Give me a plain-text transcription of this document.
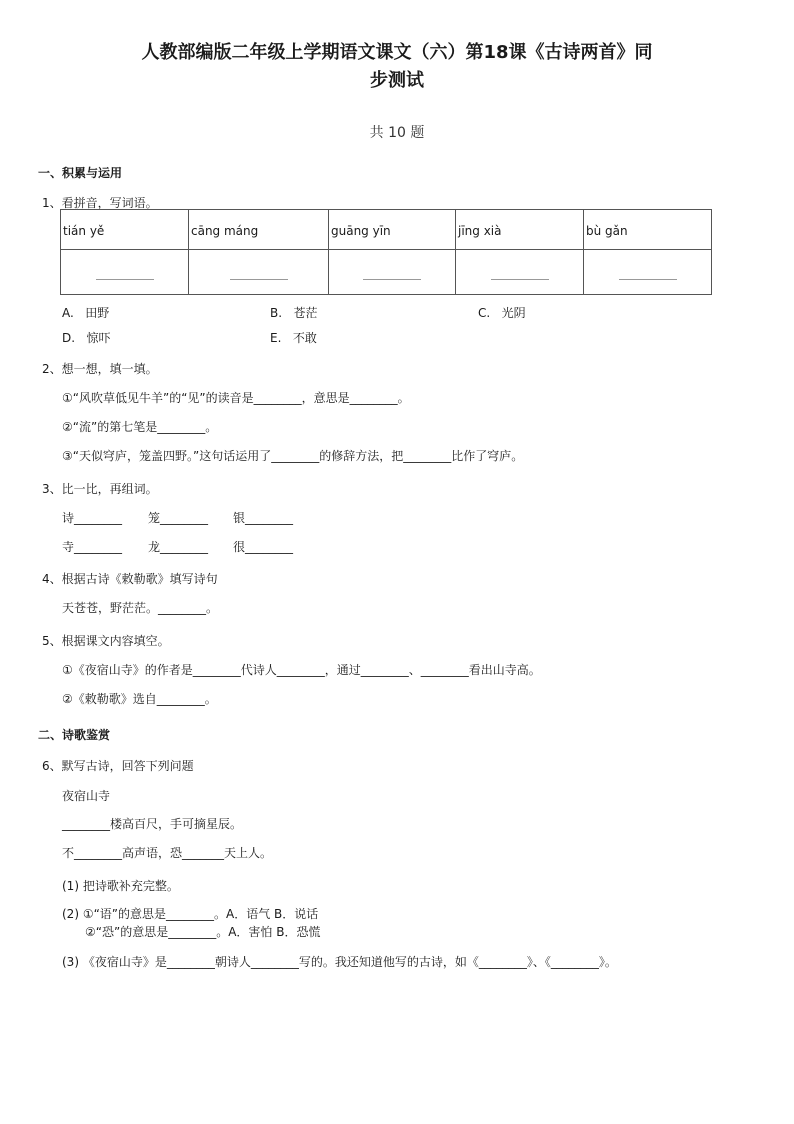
人教部编版二年级上学期语文课文（六）第18课《古诗两首》同
步测试
共 10 题
一、积累与运用
1、看拼音，写词语。
tián yě	cāng máng	guāng yīn	jīng xià	bù gǎn

A. 田野	B. 苍茫	C. 光阴
D. 惊吓	E. 不敢
2、想一想，填一填。
①“风吹草低见牛羊”的“见”的读音是________，意思是________。
②“流”的第七笔是________。
③“天似穹庐，笼盖四野。”这句话运用了________的修辞方法，把________比作了穹庐。
3、比一比，再组词。
诗________ 笼________ 银________
寺________ 龙________ 很________
4、根据古诗《敕勒歌》填写诗句
天苍苍，野茫茫。________。
5、根据课文内容填空。
①《夜宿山寺》的作者是________代诗人________，通过________、________看出山寺高。
②《敕勒歌》选自________。
二、诗歌鉴赏
6、默写古诗，回答下列问题
夜宿山寺
________楼高百尺，手可摘星辰。
不________高声语，恐_______天上人。
(1) 把诗歌补充完整。
(2) ①“语”的意思是________。A．语气 B．说话
②“恐”的意思是________。A．害怕 B．恐慌
(3) 《夜宿山寺》是________朝诗人________写的。我还知道他写的古诗，如《________》、《________》。
